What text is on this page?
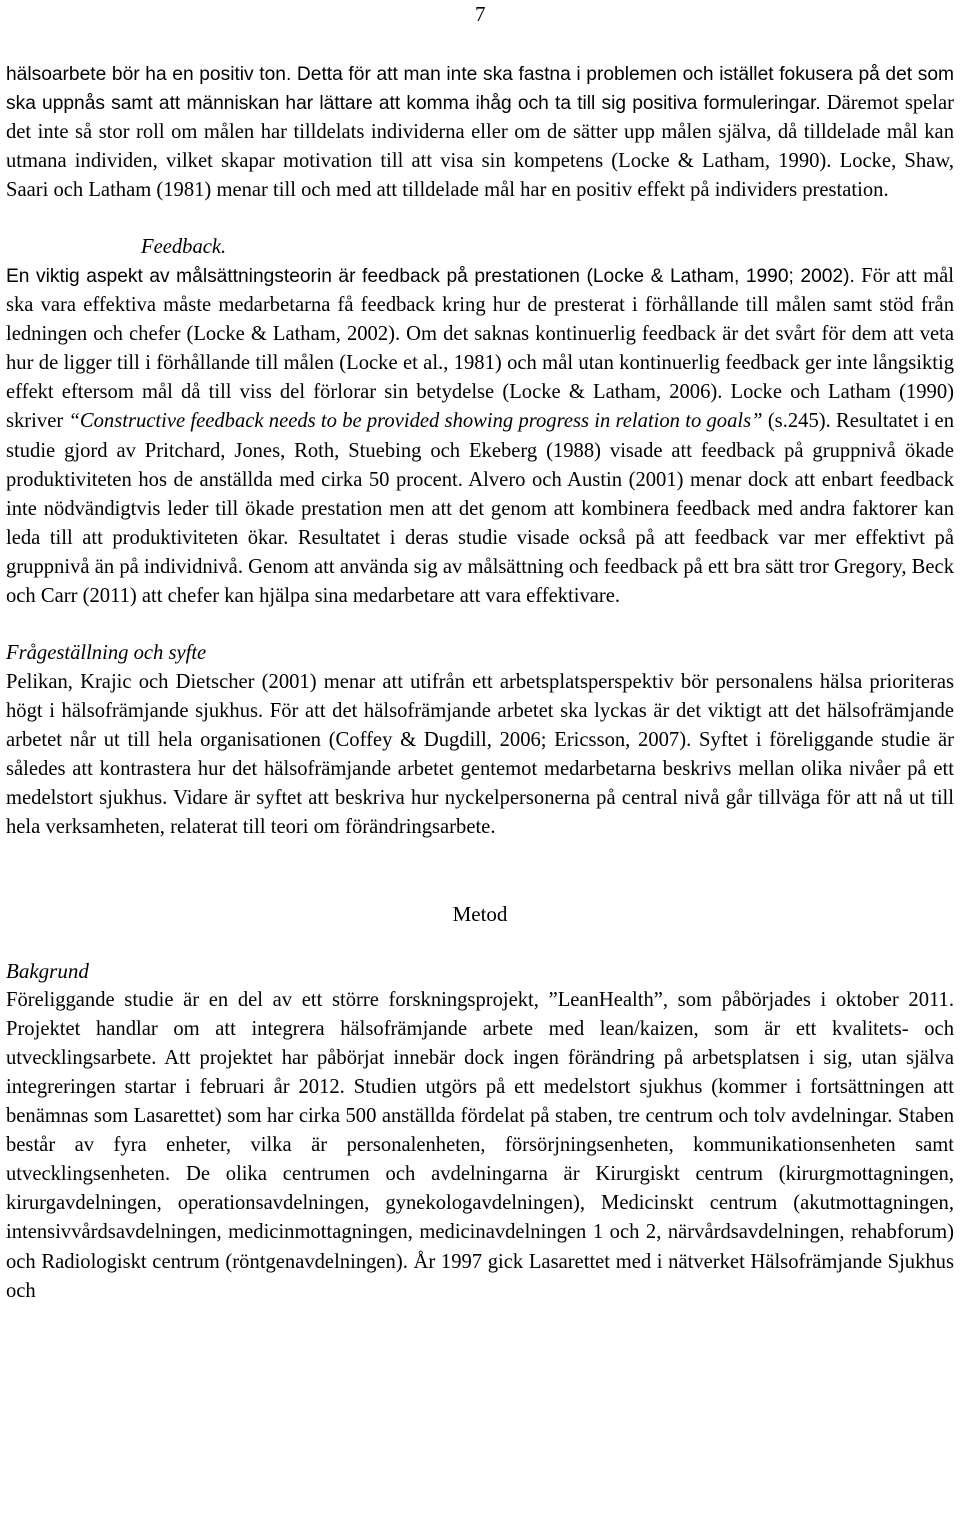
7

hälsoarbete bör ha en positiv ton. Detta för att man inte ska fastna i problemen och istället fokusera på det som ska uppnås samt att människan har lättare att komma ihåg och ta till sig positiva formuleringar. Däremot spelar det inte så stor roll om målen har tilldelats individerna eller om de sätter upp målen själva, då tilldelade mål kan utmana individen, vilket skapar motivation till att visa sin kompetens (Locke & Latham, 1990). Locke, Shaw, Saari och Latham (1981) menar till och med att tilldelade mål har en positiv effekt på individers prestation.

Feedback.

En viktig aspekt av målsättningsteorin är feedback på prestationen (Locke & Latham, 1990; 2002). För att mål ska vara effektiva måste medarbetarna få feedback kring hur de presterat i förhållande till målen samt stöd från ledningen och chefer (Locke & Latham, 2002). Om det saknas kontinuerlig feedback är det svårt för dem att veta hur de ligger till i förhållande till målen (Locke et al., 1981) och mål utan kontinuerlig feedback ger inte långsiktig effekt eftersom mål då till viss del förlorar sin betydelse (Locke & Latham, 2006). Locke och Latham (1990) skriver “Constructive feedback needs to be provided showing progress in relation to goals” (s.245). Resultatet i en studie gjord av Pritchard, Jones, Roth, Stuebing och Ekeberg (1988) visade att feedback på gruppnivå ökade produktiviteten hos de anställda med cirka 50 procent. Alvero och Austin (2001) menar dock att enbart feedback inte nödvändigtvis leder till ökade prestation men att det genom att kombinera feedback med andra faktorer kan leda till att produktiviteten ökar. Resultatet i deras studie visade också på att feedback var mer effektivt på gruppnivå än på individnivå. Genom att använda sig av målsättning och feedback på ett bra sätt tror Gregory, Beck och Carr (2011) att chefer kan hjälpa sina medarbetare att vara effektivare.

Frågeställning och syfte

Pelikan, Krajic och Dietscher (2001) menar att utifrån ett arbetsplatsperspektiv bör personalens hälsa prioriteras högt i hälsofrämjande sjukhus. För att det hälsofrämjande arbetet ska lyckas är det viktigt att det hälsofrämjande arbetet når ut till hela organisationen (Coffey & Dugdill, 2006; Ericsson, 2007). Syftet i föreliggande studie är således att kontrastera hur det hälsofrämjande arbetet gentemot medarbetarna beskrivs mellan olika nivåer på ett medelstort sjukhus. Vidare är syftet att beskriva hur nyckelpersonerna på central nivå går tillväga för att nå ut till hela verksamheten, relaterat till teori om förändringsarbete.

Metod

Bakgrund

Föreliggande studie är en del av ett större forskningsprojekt, ”LeanHealth”, som påbörjades i oktober 2011. Projektet handlar om att integrera hälsofrämjande arbete med lean/kaizen, som är ett kvalitets- och utvecklingsarbete. Att projektet har påbörjat innebär dock ingen förändring på arbetsplatsen i sig, utan själva integreringen startar i februari år 2012. Studien utgörs på ett medelstort sjukhus (kommer i fortsättningen att benämnas som Lasarettet) som har cirka 500 anställda fördelat på staben, tre centrum och tolv avdelningar. Staben består av fyra enheter, vilka är personalenheten, försörjningsenheten, kommunikationsenheten samt utvecklingsenheten. De olika centrumen och avdelningarna är Kirurgiskt centrum (kirurgmottagningen, kirurgavdelningen, operationsavdelningen, gynekologavdelningen), Medicinskt centrum (akutmottagningen, intensivvårdsavdelningen, medicinmottagningen, medicinavdelningen 1 och 2, närvårdsavdelningen, rehabforum) och Radiologiskt centrum (röntgenavdelningen). År 1997 gick Lasarettet med i nätverket Hälsofrämjande Sjukhus och
